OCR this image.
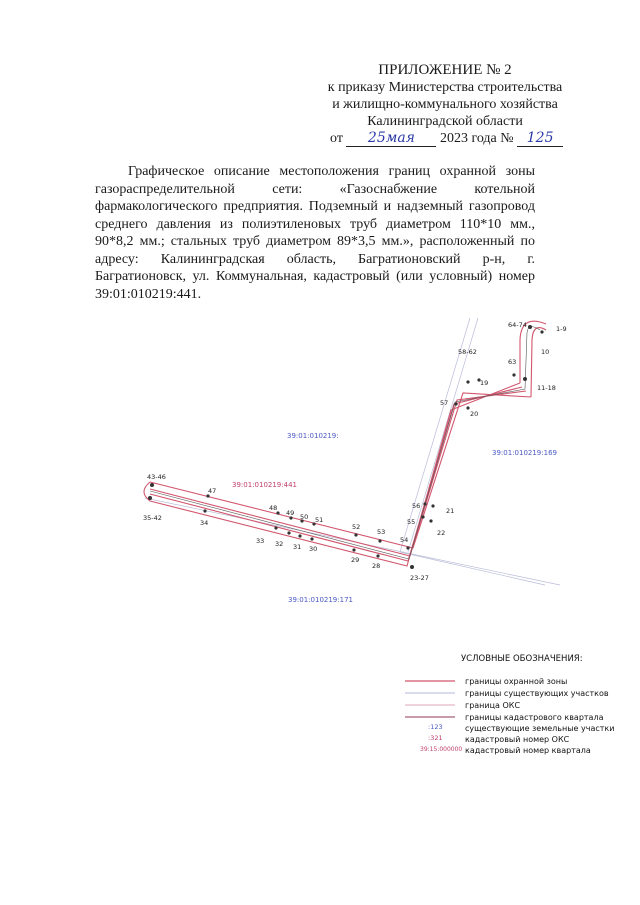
ПРИЛОЖЕНИЕ № 2
к приказу Министерства строительства
и жилищно-коммунального хозяйства
Калининградской области
от 25мая 2023 года № 125
Графическое описание местоположения границ охранной зоны газораспределительной сети: «Газоснабжение котельной фармакологического предприятия. Подземный и надземный газопровод среднего давления из полиэтиленовых труб диаметром 110*10 мм., 90*8,2 мм.; стальных труб диаметром 89*3,5 мм.», расположенный по адресу: Калининградская область, Багратионовский р-н, г. Багратионовск, ул. Коммунальная, кадастровый (или условный) номер 39:01:010219:441.
39:01:010219:
39:01:010219:441
39:01:010219:169
39:01:010219:171
64-74	1-9
10
63
58-62
19
11-18
57
20
43-46
35-42
47
34
48
49 50 51
33 32 31 30
52
53
56
21
55
22
54
29
28
23-27
УСЛОВНЫЕ ОБОЗНАЧЕНИЯ:
границы охранной зоны
границы существующих участков
граница ОКС
границы кадастрового квартала
:123	существующие земельные участки
:321	кадастровый номер ОКС
39:15:000000 кадастровый номер квартала
